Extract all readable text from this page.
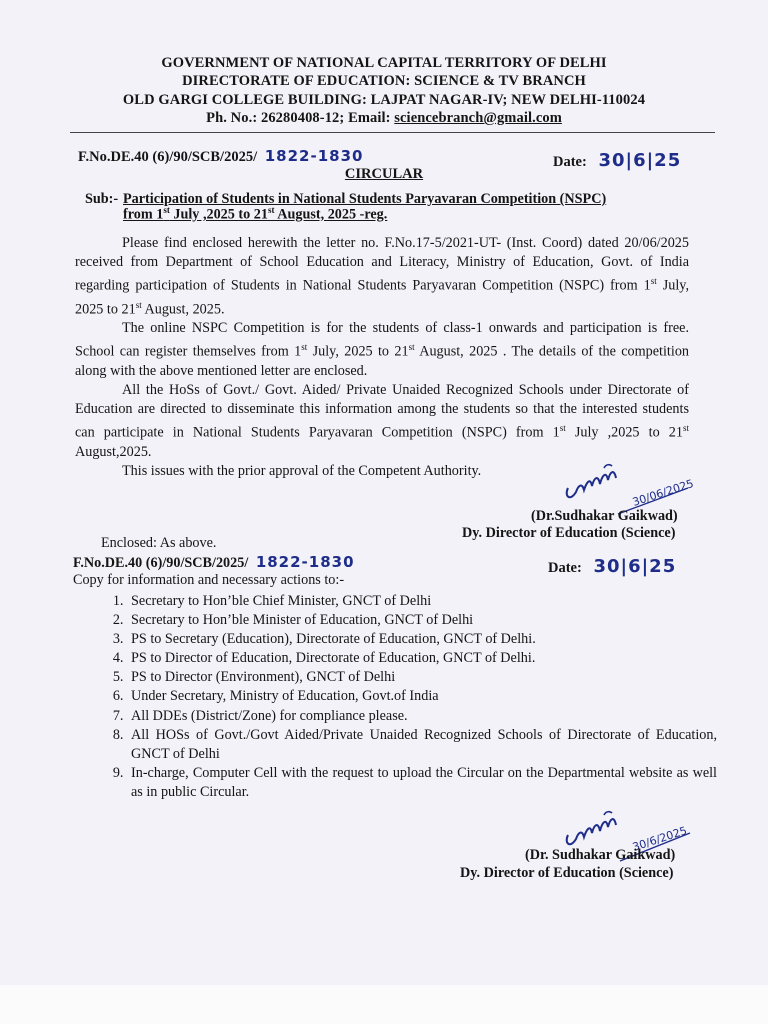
GOVERNMENT OF NATIONAL CAPITAL TERRITORY OF DELHI
DIRECTORATE OF EDUCATION: SCIENCE & TV BRANCH
OLD GARGI COLLEGE BUILDING: LAJPAT NAGAR-IV; NEW DELHI-110024
Ph. No.: 26280408-12; Email: sciencebranch@gmail.com
F.No.DE.40 (6)/90/SCB/2025/ 1822-1830	Date: 30|6|25
CIRCULAR
Sub:- Participation of Students in National Students Paryavaran Competition (NSPC)
from 1st July ,2025 to 21st August, 2025 -reg.

Please find enclosed herewith the letter no. F.No.17-5/2021-UT- (Inst. Coord) dated 20/06/2025 received from Department of School Education and Literacy, Ministry of Education, Govt. of India regarding participation of Students in National Students Paryavaran Competition (NSPC) from 1st July, 2025 to 21st August, 2025.

The online NSPC Competition is for the students of class-1 onwards and participation is free. School can register themselves from 1st July, 2025 to 21st August, 2025 . The details of the competition along with the above mentioned letter are enclosed.

All the HoSs of Govt./ Govt. Aided/ Private Unaided Recognized Schools under Directorate of Education are directed to disseminate this information among the students so that the interested students can participate in National Students Paryavaran Competition (NSPC) from 1st July ,2025 to 21st August,2025.

This issues with the prior approval of the Competent Authority.

30/06/2025
(Dr.Sudhakar Gaikwad)
Dy. Director of Education (Science)
Enclosed: As above.
F.No.DE.40 (6)/90/SCB/2025/ 1822-1830	Date: 30|6|25
Copy for information and necessary actions to:-
1. Secretary to Hon’ble Chief Minister, GNCT of Delhi
2. Secretary to Hon’ble Minister of Education, GNCT of Delhi
3. PS to Secretary (Education), Directorate of Education, GNCT of Delhi.
4. PS to Director of Education, Directorate of Education, GNCT of Delhi.
5. PS to Director (Environment), GNCT of Delhi
6. Under Secretary, Ministry of Education, Govt.of India
7. All DDEs (District/Zone) for compliance please.
8. All HOSs of Govt./Govt Aided/Private Unaided Recognized Schools of Directorate of Education, GNCT of Delhi
9. In-charge, Computer Cell with the request to upload the Circular on the Departmental website as well as in public Circular.
30/6/2025
(Dr. Sudhakar Gaikwad)
Dy. Director of Education (Science)
